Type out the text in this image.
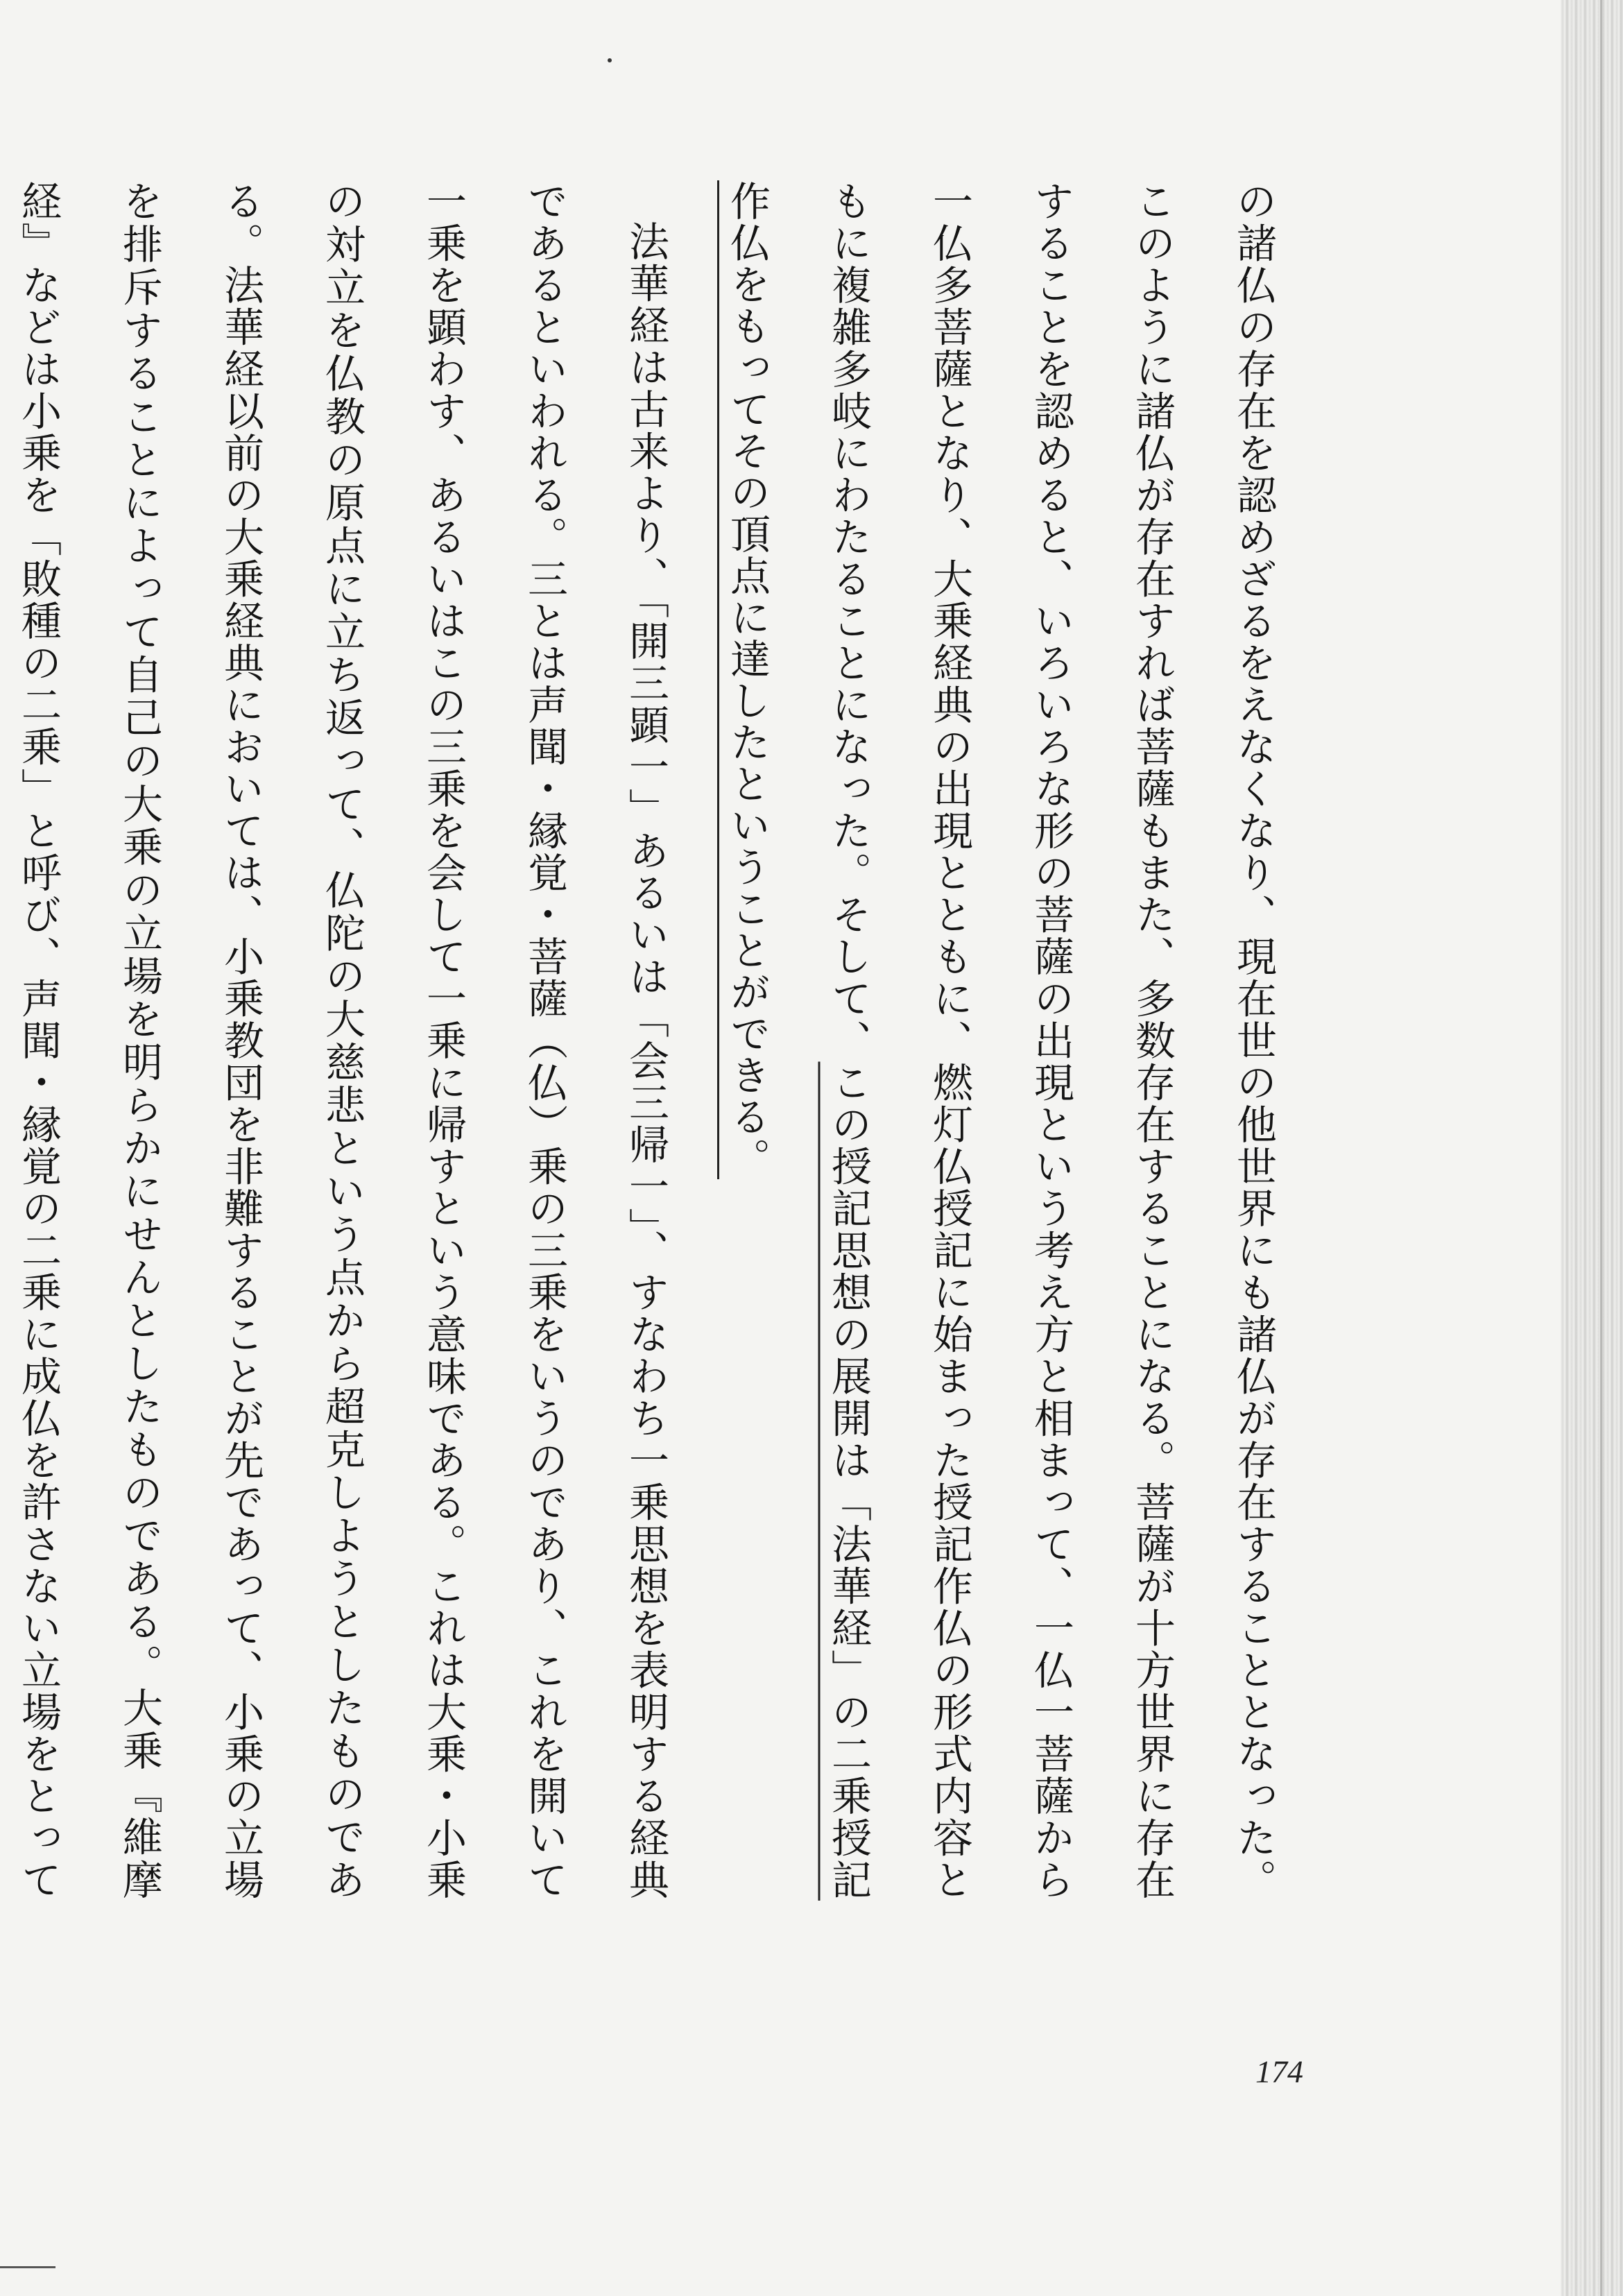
の諸仏の存在を認めざるをえなくなり、現在世の他世界にも諸仏が存在することとなった。このように諸仏が存在すれば菩薩もまた、多数存在することになる。菩薩が十方世界に存在することを認めると、いろいろな形の菩薩の出現という考え方と相まって、一仏一菩薩から一仏多菩薩となり、大乗経典の出現とともに、燃灯仏授記に始まった授記作仏の形式内容ともに複雑多岐にわたることになった。そして、この授記思想の展開は「法華経」の二乗授記作仏をもってその頂点に達したということができる。

法華経は古来より、「開三顕一」あるいは「会三帰一」、すなわち一乗思想を表明する経典であるといわれる。三とは声聞・縁覚・菩薩（仏）乗の三乗をいうのであり、これを開いて一乗を顕わす、あるいはこの三乗を会して一乗に帰すという意味である。これは大乗・小乗の対立を仏教の原点に立ち返って、仏陀の大慈悲という点から超克しようとしたものである。法華経以前の大乗経典においては、小乗教団を非難することが先であって、小乗の立場を排斥することによって自己の大乗の立場を明らかにせんとしたものである。大乗『維摩経』などは小乗を「敗種の二乗」と呼び、声聞・縁覚の二乗に成仏を許さない立場をとって

174
